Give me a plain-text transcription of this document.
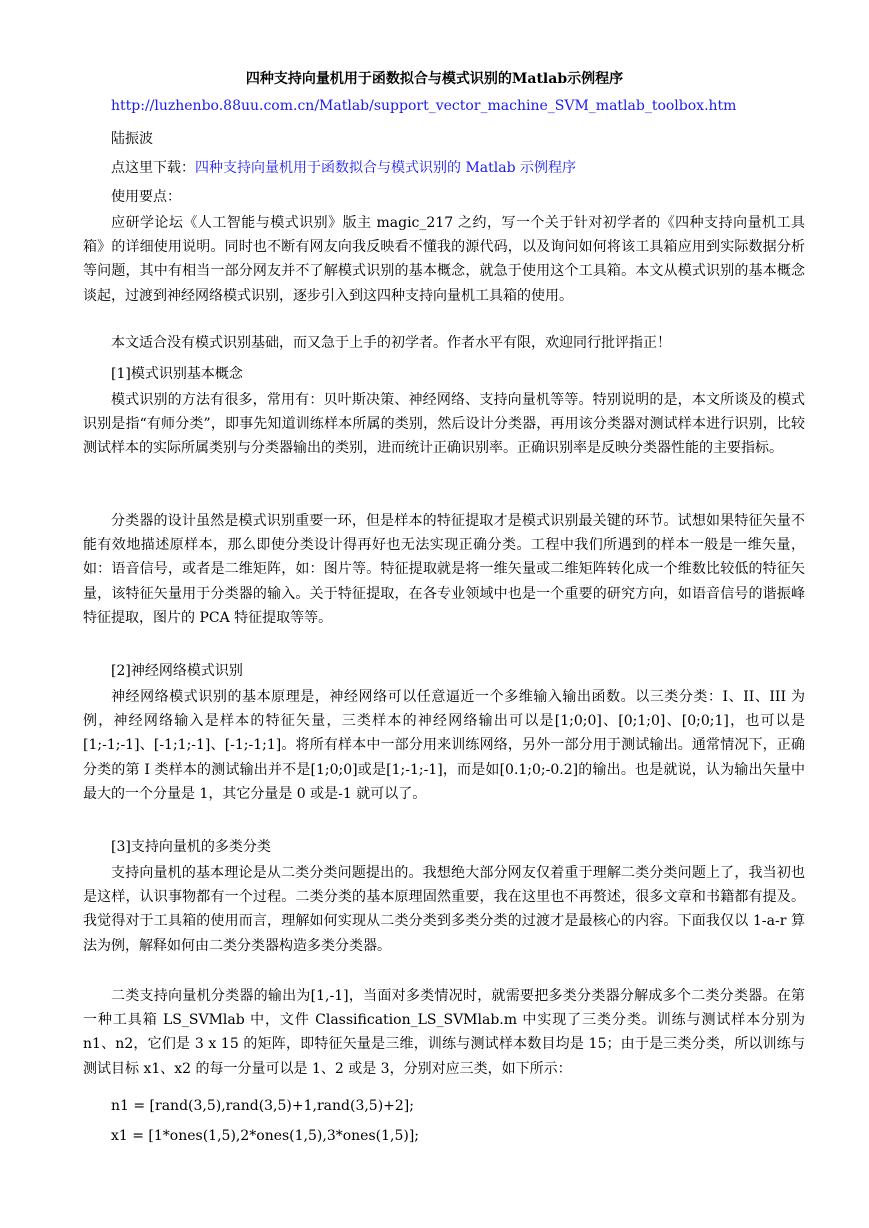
四种支持向量机用于函数拟合与模式识别的Matlab示例程序
http://luzhenbo.88uu.com.cn/Matlab/support_vector_machine_SVM_matlab_toolbox.htm
陆振波
点这里下载：四种支持向量机用于函数拟合与模式识别的 Matlab 示例程序
使用要点：

应研学论坛《人工智能与模式识别》版主 magic_217 之约，写一个关于针对初学者的《四种支持向量机工具箱》的详细使用说明。同时也不断有网友向我反映看不懂我的源代码，以及询问如何将该工具箱应用到实际数据分析等问题，其中有相当一部分网友并不了解模式识别的基本概念，就急于使用这个工具箱。本文从模式识别的基本概念谈起，过渡到神经网络模式识别，逐步引入到这四种支持向量机工具箱的使用。

本文适合没有模式识别基础，而又急于上手的初学者。作者水平有限，欢迎同行批评指正！

[1]模式识别基本概念

模式识别的方法有很多，常用有：贝叶斯决策、神经网络、支持向量机等等。特别说明的是，本文所谈及的模式识别是指“有师分类”，即事先知道训练样本所属的类别，然后设计分类器，再用该分类器对测试样本进行识别，比较测试样本的实际所属类别与分类器输出的类别，进而统计正确识别率。正确识别率是反映分类器性能的主要指标。

分类器的设计虽然是模式识别重要一环，但是样本的特征提取才是模式识别最关键的环节。试想如果特征矢量不能有效地描述原样本，那么即使分类设计得再好也无法实现正确分类。工程中我们所遇到的样本一般是一维矢量，如：语音信号，或者是二维矩阵，如：图片等。特征提取就是将一维矢量或二维矩阵转化成一个维数比较低的特征矢量，该特征矢量用于分类器的输入。关于特征提取，在各专业领域中也是一个重要的研究方向，如语音信号的谐振峰特征提取，图片的 PCA 特征提取等等。

[2]神经网络模式识别

神经网络模式识别的基本原理是，神经网络可以任意逼近一个多维输入输出函数。以三类分类：I、II、III 为例，神经网络输入是样本的特征矢量，三类样本的神经网络输出可以是[1;0;0]、[0;1;0]、[0;0;1]，也可以是[1;-1;-1]、[-1;1;-1]、[-1;-1;1]。将所有样本中一部分用来训练网络，另外一部分用于测试输出。通常情况下，正确分类的第 I 类样本的测试输出并不是[1;0;0]或是[1;-1;-1]，而是如[0.1;0;-0.2]的输出。也是就说，认为输出矢量中最大的一个分量是 1，其它分量是 0 或是-1 就可以了。

[3]支持向量机的多类分类

支持向量机的基本理论是从二类分类问题提出的。我想绝大部分网友仅着重于理解二类分类问题上了，我当初也是这样，认识事物都有一个过程。二类分类的基本原理固然重要，我在这里也不再赘述，很多文章和书籍都有提及。我觉得对于工具箱的使用而言，理解如何实现从二类分类到多类分类的过渡才是最核心的内容。下面我仅以 1-a-r 算法为例，解释如何由二类分类器构造多类分类器。

二类支持向量机分类器的输出为[1,-1]，当面对多类情况时，就需要把多类分类器分解成多个二类分类器。在第一种工具箱 LS_SVMlab 中，文件 Classification_LS_SVMlab.m 中实现了三类分类。训练与测试样本分别为 n1、n2，它们是 3 x 15 的矩阵，即特征矢量是三维，训练与测试样本数目均是 15；由于是三类分类，所以训练与测试目标 x1、x2 的每一分量可以是 1、2 或是 3，分别对应三类，如下所示：

n1 = [rand(3,5),rand(3,5)+1,rand(3,5)+2];
x1 = [1*ones(1,5),2*ones(1,5),3*ones(1,5)];
